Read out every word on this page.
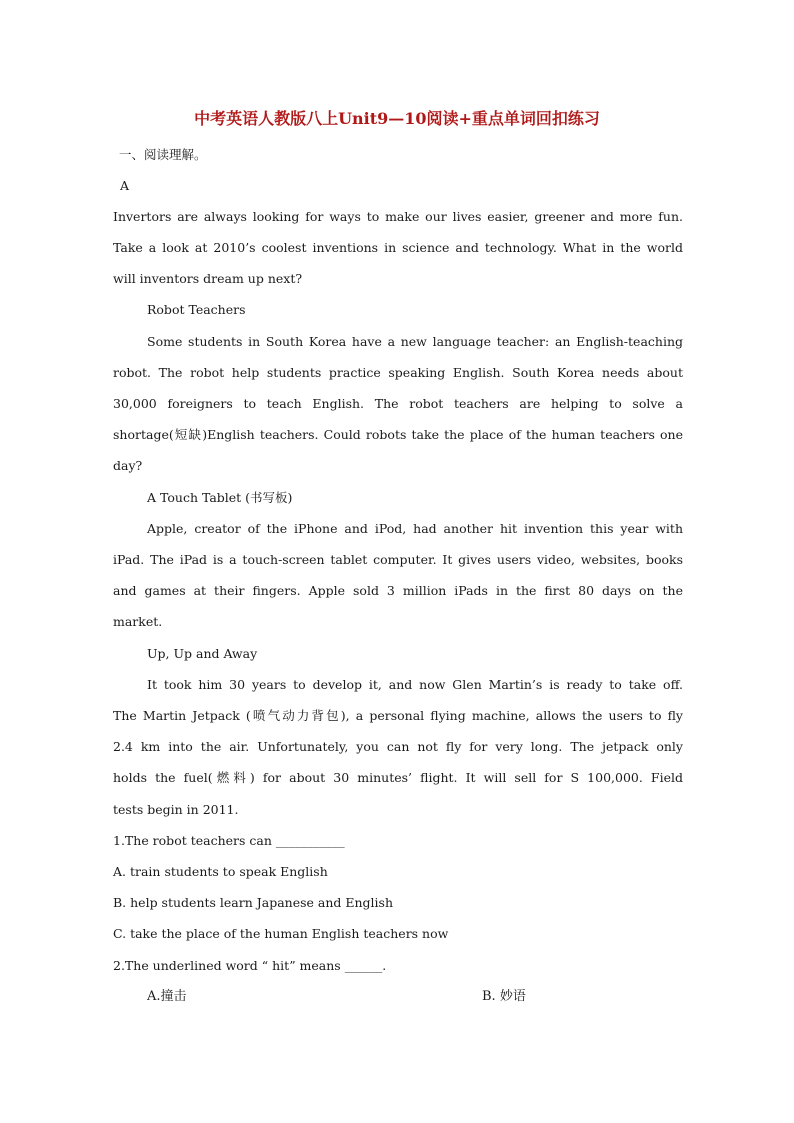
中考英语人教版八上Unit9—10阅读+重点单词回扣练习
一、阅读理解。
A
Invertors are always looking for ways to make our lives easier, greener and more fun.
Take a look at 2010’s coolest inventions in science and technology. What in the world
will inventors dream up next?
Robot Teachers
Some students in South Korea have a new language teacher: an English-teaching
robot. The robot help students practice speaking English. South Korea needs about
30,000 foreigners to teach English. The robot teachers are helping to solve a
shortage(短缺)English teachers. Could robots take the place of the human teachers one
day?
A Touch Tablet (书写板)
Apple, creator of the iPhone and iPod, had another hit invention this year with
iPad. The iPad is a touch-screen tablet computer. It gives users video, websites, books
and games at their fingers. Apple sold 3 million iPads in the first 80 days on the
market.
Up, Up and Away
It took him 30 years to develop it, and now Glen Martin’s is ready to take off.
The Martin Jetpack (喷气动力背包), a personal flying machine, allows the users to fly
2.4 km into the air. Unfortunately, you can not fly for very long. The jetpack only
holds the fuel(燃料) for about 30 minutes’ flight. It will sell for S 100,000. Field
tests begin in 2011.
1.The robot teachers can ___________
A. train students to speak English
B. help students learn Japanese and English
C. take the place of the human English teachers now
2.The underlined word “ hit” means ______.
A.撞击	B. 妙语
